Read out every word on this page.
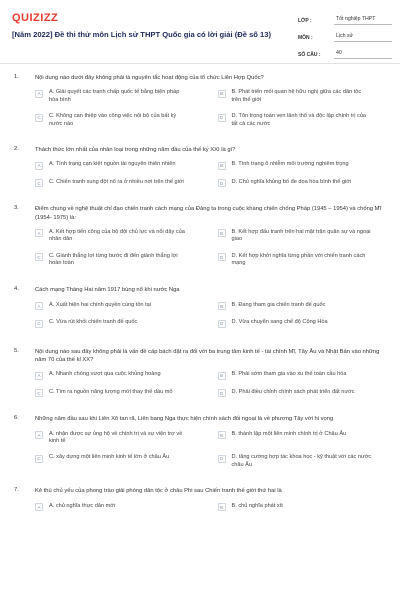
QUIZIZZ
[Năm 2022] Đề thi thử môn Lịch sử THPT Quốc gia có lời giải (Đề số 13)
LỚP :	Tốt nghiệp THPT
MÔN :	Lịch sử
SỐ CÂU :	40
1.	Nội dung nào dưới đây không phải là nguyên tắc hoạt động của tổ chức Liên Hợp Quốc?
A	A. Giải quyết các tranh chấp quốc tế bằng biện pháp hòa bình
B	B. Phát triển mối quan hệ hữu nghị giữa các dân tộc trên thế giới
C	C. Không can thiệp vào công việc nội bộ của bất kỳ nước nào
D	D. Tôn trọng toàn vẹn lãnh thổ và độc lập chính trị của tất cả các nước
2.	Thách thức lớn nhất của nhân loại trong những năm đầu của thế kỷ XXI là gì?
A	A. Tình trạng cạn kiệt nguồn tài nguyên thiên nhiên	B	B. Tình trạng ô nhiễm môi trường nghiêm trọng
C	C. Chiến tranh xung đột nổ ra ở nhiều nơi trên thế giới	D	D. Chủ nghĩa khủng bố đe dọa hòa bình thế giới
3.	Điểm chung về nghệ thuật chỉ đạo chiến tranh cách mạng của Đảng ta trong cuộc kháng chiến chống Pháp (1945 – 1954) và chống Mĩ (1954- 1975) là:
A	A. Kết hợp tiến công của bộ đội chủ lực và nổi dậy của nhân dân
B	B. Kết hợp đấu tranh trên hai mặt trận quân sự và ngoại giao
C	C. Giành thắng lợi từng bước đi đến giành thắng lợi hoàn toàn
D	D. Kết hợp khởi nghĩa từng phần với chiến tranh cách mạng
4.	Cách mạng Tháng Hai năm 1917 bùng nổ khi nước Nga
A	A. Xuất hiện hai chính quyền cùng tồn tại	B	B. Đang tham gia chiến tranh đế quốc
C	C. Vừa rút khỏi chiến tranh đế quốc	D	D. Vừa chuyển sang chế độ Cộng Hòa
5.	Nội dung nào sau đây không phải là vấn đề cấp bách đặt ra đối với ba trung tâm kinh tế - tài chính Mĩ, Tây Âu và Nhật Bản vào những năm 70 của thế kỉ XX?
A	A. Nhanh chóng vượt qua cuộc khủng hoảng	B	B. Phải sớm tham gia vào xu thế toàn cầu hóa
C	C. Tìm ra nguồn năng lượng mới thay thế dầu mỏ	D	D. Phải điều chỉnh chính sách phát triển đất nước
6.	Những năm đầu sau khi Liên Xô tan rã, Liên bang Nga thực hiện chính sách đối ngoại là về phương Tây với hi vọng
A	A. nhận được sự ủng hộ về chính trị và sự viện trợ về kinh tế
B	B. thành lập một liên minh chính trị ở Châu Âu
C	C. xây dựng một liên minh kinh tế lớn ở châu Âu	D	D. tăng cường hợp tác khoa học - kỹ thuật với các nước châu Âu
7.	Kẻ thù chủ yếu của phong trào giải phóng dân tộc ở châu Phi sau Chiến tranh thế giới thứ hai là
A	A. chủ nghĩa thực dân mới	B	B. chủ nghĩa phát xít
